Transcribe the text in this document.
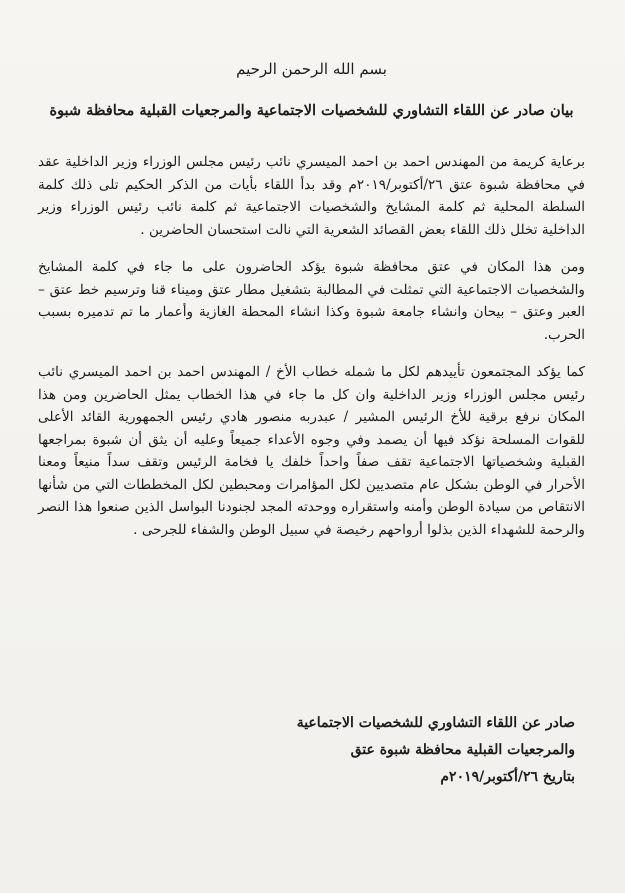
بسم الله الرحمن الرحيم
بيان صادر عن اللقاء التشاوري للشخصيات الاجتماعية والمرجعيات القبلية محافظة شبوة

برعاية كريمة من المهندس احمد بن احمد الميسري نائب رئيس مجلس الوزراء وزير الداخلية عقد في محافظة شبوة عتق ٢٦/أكتوبر/٢٠١٩م وقد بدأ اللقاء بأيات من الذكر الحكيم تلى ذلك كلمة السلطة المحلية ثم كلمة المشايخ والشخصيات الاجتماعية ثم كلمة نائب رئيس الوزراء وزير الداخلية تخلل ذلك اللقاء بعض القصائد الشعرية التي نالت استحسان الحاضرين .

ومن هذا المكان في عتق محافظة شبوة يؤكد الحاضرون على ما جاء في كلمة المشايخ والشخصيات الاجتماعية التي تمثلت في المطالبة بتشغيل مطار عتق وميناء قنا وترسيم خط عتق – العبر وعتق – بيحان وانشاء جامعة شبوة وكذا انشاء المحطة الغازية وأعمار ما تم تدميره بسبب الحرب.

كما يؤكد المجتمعون تأييدهم لكل ما شمله خطاب الأخ / المهندس احمد بن احمد الميسري نائب رئيس مجلس الوزراء وزير الداخلية وان كل ما جاء في هذا الخطاب يمثل الحاضرين ومن هذا المكان نرفع برقية للأخ الرئيس المشير / عبدربه منصور هادي رئيس الجمهورية القائد الأعلى للقوات المسلحة نؤكد فيها أن يصمد وفي وجوه الأعداء جميعاً وعليه أن يثق أن شبوة بمراجعها القبلية وشخصياتها الاجتماعية تقف صفاً واحداً خلفك يا فخامة الرئيس وتقف سداً منيعاً ومعنا الأحرار في الوطن بشكل عام متصديين لكل المؤامرات ومحبطين لكل المخططات التي من شأنها الانتقاص من سيادة الوطن وأمنه واستقراره ووحدته المجد لجنودنا البواسل الذين صنعوا هذا النصر والرحمة للشهداء الذين بذلوا أرواحهم رخيصة في سبيل الوطن والشفاء للجرحى .

صادر عن اللقاء التشاوري للشخصيات الاجتماعية
والمرجعيات القبلية محافظة شبوة عتق
بتاريخ ٢٦/أكتوبر/٢٠١٩م
